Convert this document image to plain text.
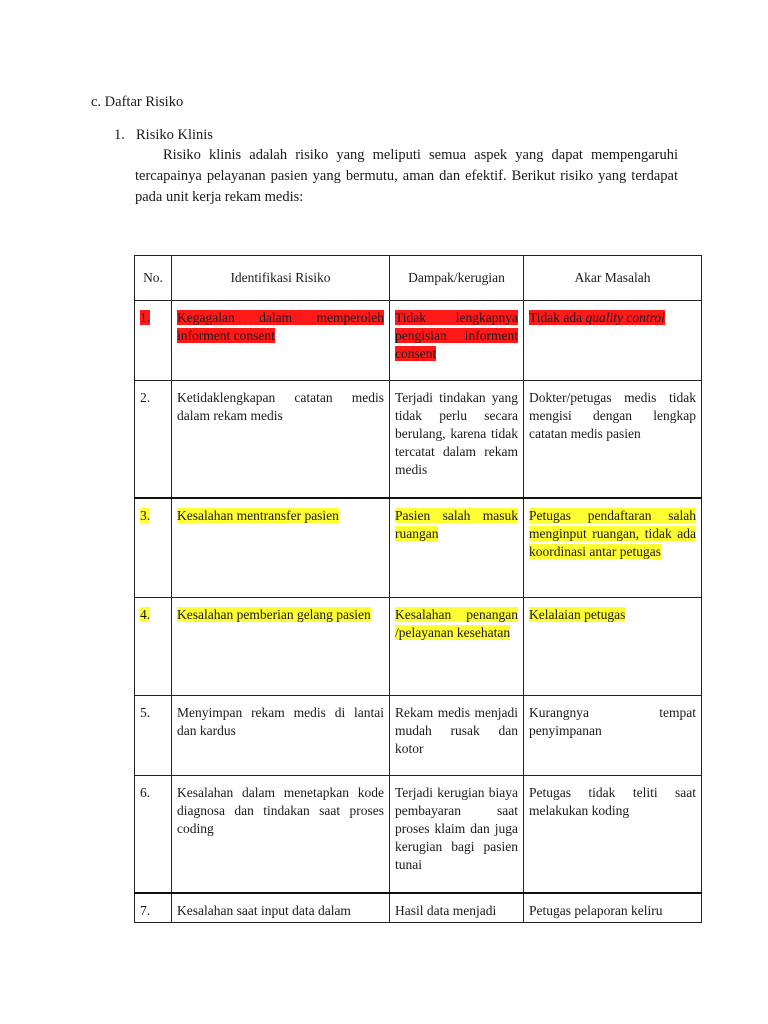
c. Daftar Risiko
1. Risiko Klinis
Risiko klinis adalah risiko yang meliputi semua aspek yang dapat mempengaruhi tercapainya pelayanan pasien yang bermutu, aman dan efektif. Berikut risiko yang terdapat pada unit kerja rekam medis:
No.	Identifikasi Risiko	Dampak/kerugian	Akar Masalah

1.	Kegagalan dalam memperoleh informent consent	Tidak lengkapnya pengisian informent consent	Tidak ada quality control

2.	Ketidaklengkapan catatan medis dalam rekam medis	Terjadi tindakan yang tidak perlu secara berulang, karena tidak tercatat dalam rekam medis	Dokter/petugas medis tidak mengisi dengan lengkap catatan medis pasien

3.	Kesalahan mentransfer pasien	Pasien salah masuk ruangan	Petugas pendaftaran salah menginput ruangan, tidak ada koordinasi antar petugas

4.	Kesalahan pemberian gelang pasien	Kesalahan penangan /pelayanan kesehatan	Kelalaian petugas

5.	Menyimpan rekam medis di lantai dan kardus	Rekam medis menjadi mudah rusak dan kotor	Kurangnya tempat penyimpanan

6.	Kesalahan dalam menetapkan kode diagnosa dan tindakan saat proses coding	Terjadi kerugian biaya pembayaran saat proses klaim dan juga kerugian bagi pasien tunai	Petugas tidak teliti saat melakukan koding

7.	Kesalahan saat input data dalam	Hasil data menjadi	Petugas pelaporan keliru
